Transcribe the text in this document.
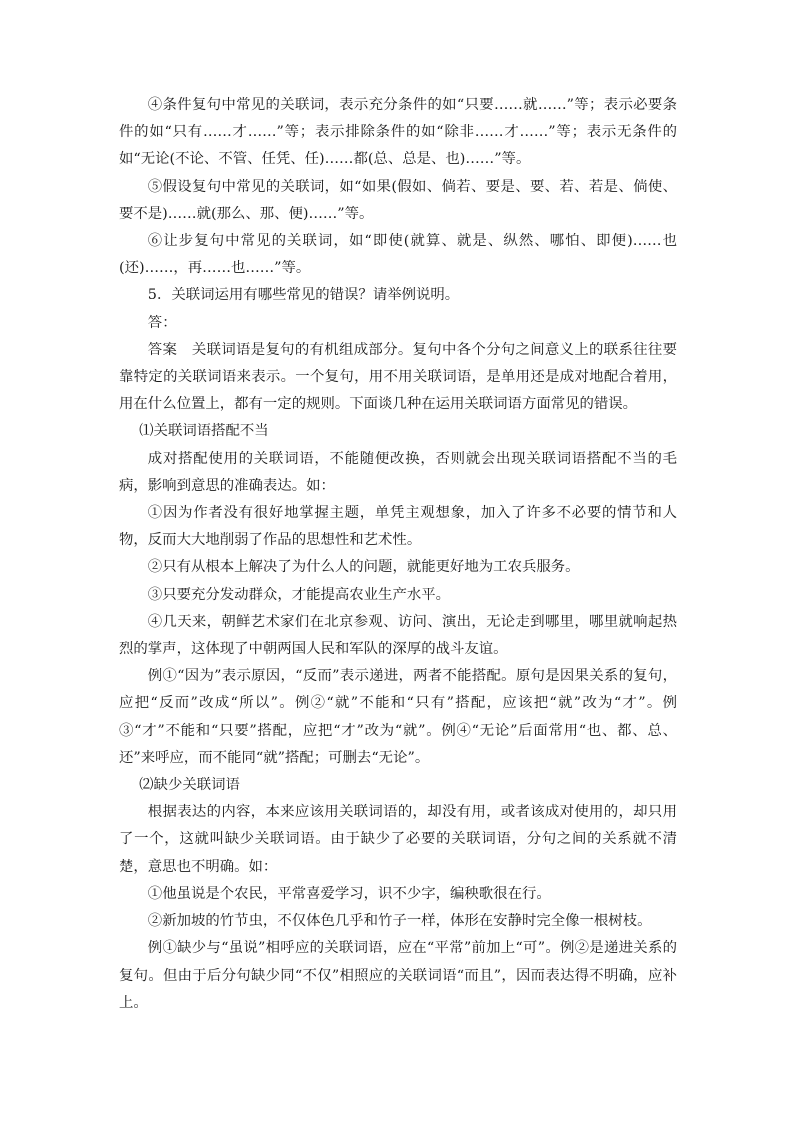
④条件复句中常见的关联词，表示充分条件的如“只要……就……”等；表示必要条件的如“只有……才……”等；表示排除条件的如“除非……才……”等；表示无条件的如“无论(不论、不管、任凭、任)……都(总、总是、也)……”等。

⑤假设复句中常见的关联词，如“如果(假如、倘若、要是、要、若、若是、倘使、要不是)……就(那么、那、便)……”等。

⑥让步复句中常见的关联词，如“即使(就算、就是、纵然、哪怕、即便)……也(还)……，再……也……”等。

5．关联词运用有哪些常见的错误？请举例说明。

答：

答案　关联词语是复句的有机组成部分。复句中各个分句之间意义上的联系往往要靠特定的关联词语来表示。一个复句，用不用关联词语，是单用还是成对地配合着用，用在什么位置上，都有一定的规则。下面谈几种在运用关联词语方面常见的错误。

⑴关联词语搭配不当

成对搭配使用的关联词语，不能随便改换，否则就会出现关联词语搭配不当的毛病，影响到意思的准确表达。如：

①因为作者没有很好地掌握主题，单凭主观想象，加入了许多不必要的情节和人物，反而大大地削弱了作品的思想性和艺术性。

②只有从根本上解决了为什么人的问题，就能更好地为工农兵服务。

③只要充分发动群众，才能提高农业生产水平。

④几天来，朝鲜艺术家们在北京参观、访问、演出，无论走到哪里，哪里就响起热烈的掌声，这体现了中朝两国人民和军队的深厚的战斗友谊。

例①“因为”表示原因，“反而”表示递进，两者不能搭配。原句是因果关系的复句，应把“反而”改成“所以”。例②“就”不能和“只有”搭配，应该把“就”改为“才”。例③“才”不能和“只要”搭配，应把“才”改为“就”。例④“无论”后面常用“也、都、总、还”来呼应，而不能同“就”搭配；可删去“无论”。

⑵缺少关联词语

根据表达的内容，本来应该用关联词语的，却没有用，或者该成对使用的，却只用了一个，这就叫缺少关联词语。由于缺少了必要的关联词语，分句之间的关系就不清楚，意思也不明确。如：

①他虽说是个农民，平常喜爱学习，识不少字，编秧歌很在行。

②新加坡的竹节虫，不仅体色几乎和竹子一样，体形在安静时完全像一根树枝。

例①缺少与“虽说”相呼应的关联词语，应在“平常”前加上“可”。例②是递进关系的复句。但由于后分句缺少同“不仅”相照应的关联词语“而且”，因而表达得不明确，应补上。
